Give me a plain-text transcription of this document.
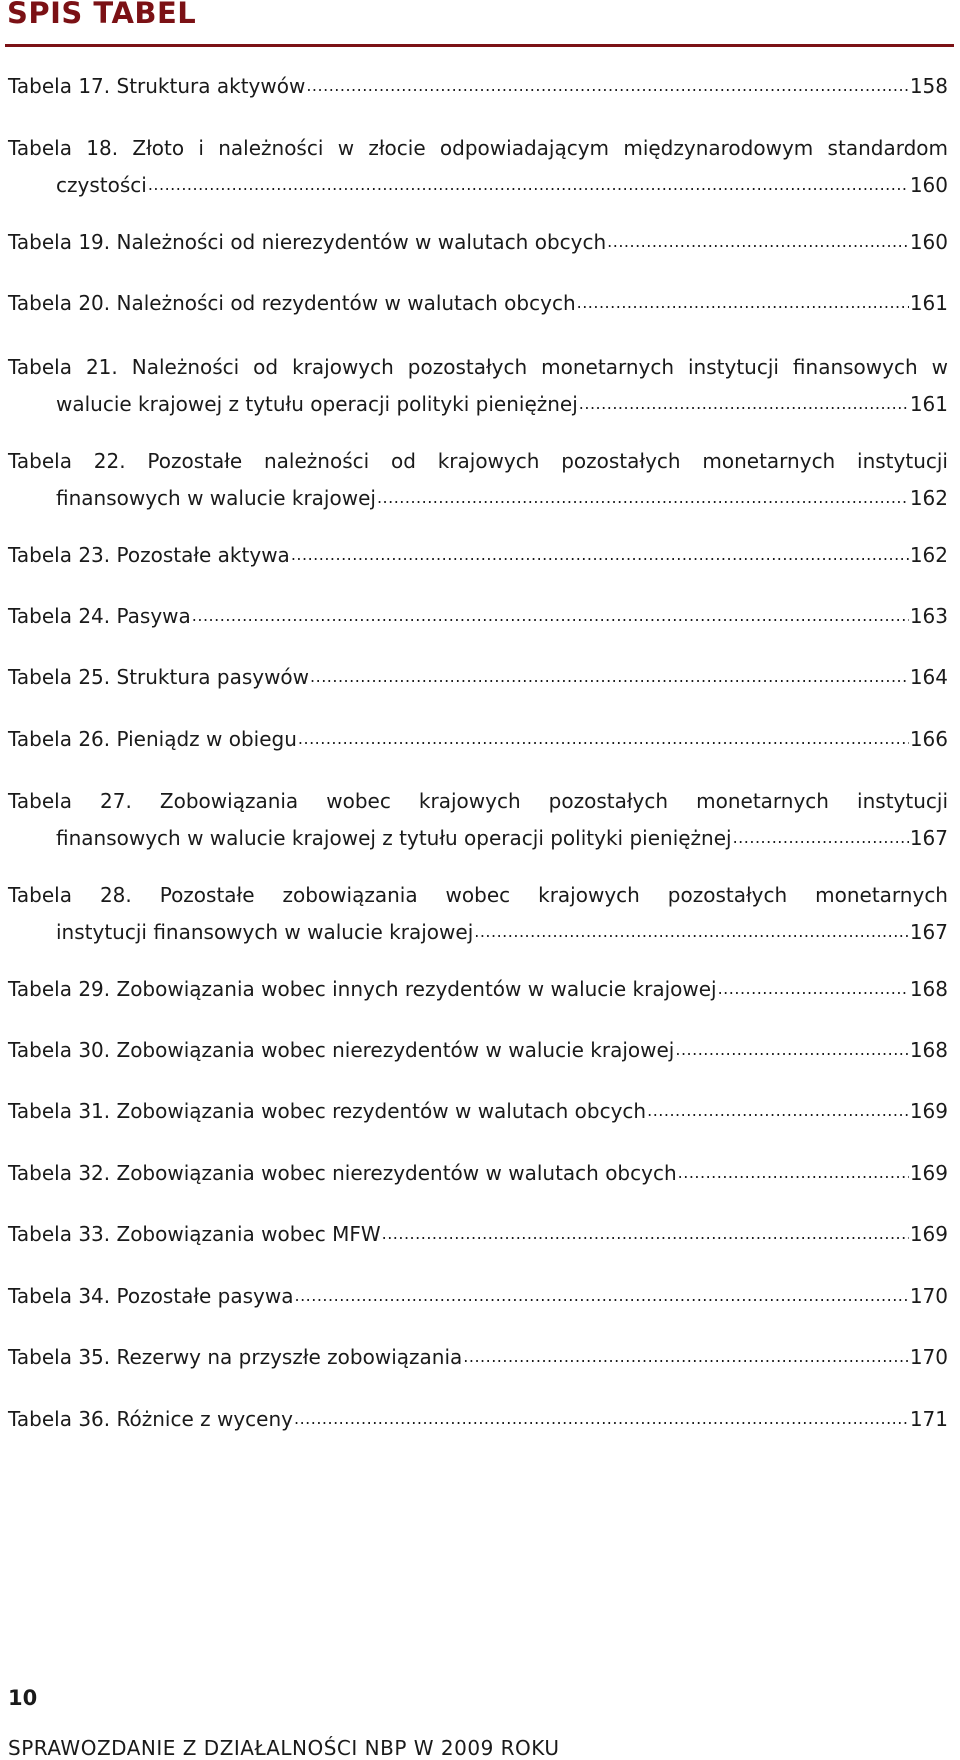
SPIS TABEL
Tabela 17. Struktura aktywów .....	158
Tabela 18. Złoto i należności w złocie odpowiadającym międzynarodowym standardom
czystości .....	160
Tabela 19. Należności od nierezydentów w walutach obcych .....	160
Tabela 20. Należności od rezydentów w walutach obcych .....	161
Tabela 21. Należności od krajowych pozostałych monetarnych instytucji finansowych w
walucie krajowej z tytułu operacji polityki pieniężnej .....	161
Tabela 22. Pozostałe należności od krajowych pozostałych monetarnych instytucji
finansowych w walucie krajowej .....	162
Tabela 23. Pozostałe aktywa .....	162
Tabela 24. Pasywa .....	163
Tabela 25. Struktura pasywów .....	164
Tabela 26. Pieniądz w obiegu .....	166
Tabela 27. Zobowiązania wobec krajowych pozostałych monetarnych instytucji
finansowych w walucie krajowej z tytułu operacji polityki pieniężnej .....	167
Tabela 28. Pozostałe zobowiązania wobec krajowych pozostałych monetarnych
instytucji finansowych w walucie krajowej .....	167
Tabela 29. Zobowiązania wobec innych rezydentów w walucie krajowej .....	168
Tabela 30. Zobowiązania wobec nierezydentów w walucie krajowej .....	168
Tabela 31. Zobowiązania wobec rezydentów w walutach obcych .....	169
Tabela 32. Zobowiązania wobec nierezydentów w walutach obcych .....	169
Tabela 33. Zobowiązania wobec MFW .....	169
Tabela 34. Pozostałe pasywa .....	170
Tabela 35. Rezerwy na przyszłe zobowiązania .....	170
Tabela 36. Różnice z wyceny .....	171
10
SPRAWOZDANIE Z DZIAŁALNOŚCI NBP W 2009 ROKU
